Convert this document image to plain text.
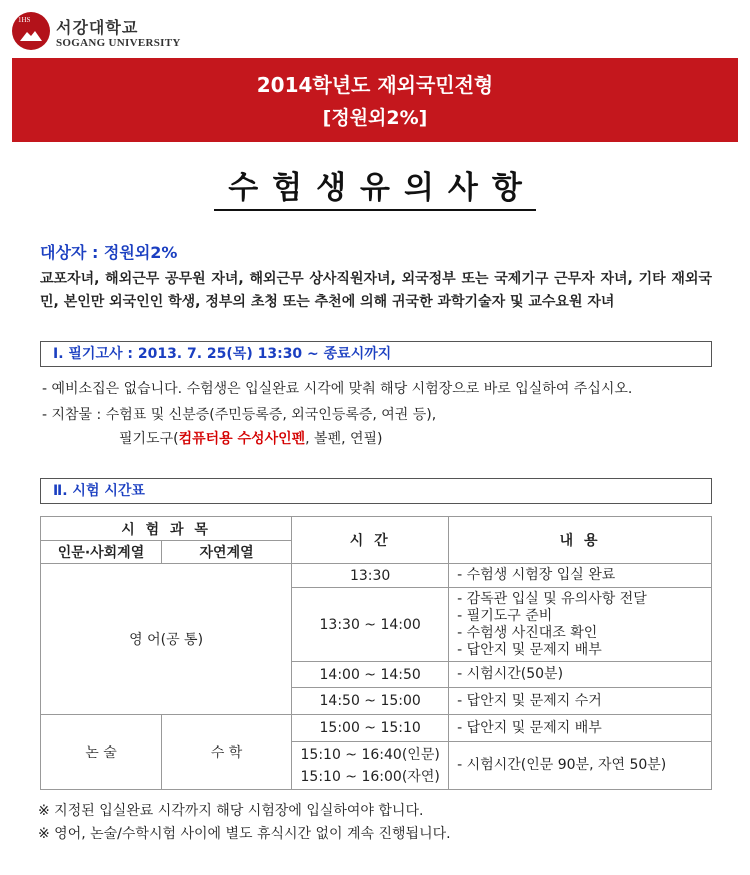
1HS 서강대학교
SOGANG UNIVERSITY
2014학년도 재외국민전형
[정원외2%]
수험생유의사항
대상자 : 정원외2%
교포자녀, 해외근무 공무원 자녀, 해외근무 상사직원자녀, 외국정부 또는 국제기구 근무자 자녀, 기타 재외국민, 본인만 외국인인 학생, 정부의 초청 또는 추천에 의해 귀국한 과학기술자 및 교수요원 자녀
Ⅰ. 필기고사 : 2013. 7. 25(목) 13:30 ~ 종료시까지
- 예비소집은 없습니다. 수험생은 입실완료 시각에 맞춰 해당 시험장으로 바로 입실하여 주십시오.
- 지참물 : 수험표 및 신분증(주민등록증, 외국인등록증, 여권 등),
필기도구(컴퓨터용 수성사인펜, 볼펜, 연필)
Ⅱ. 시험 시간표
시 험 과 목		시 간	내 용
인문·사회계열	자연계열		
영 어(공 통)		13:30	- 수험생 시험장 입실 완료
		13:30 ~ 14:00	- 감독관 입실 및 유의사항 전달
- 필기도구 준비
- 수험생 사진대조 확인
- 답안지 및 문제지 배부

		14:00 ~ 14:50	- 시험시간(50분)
		14:50 ~ 15:00	- 답안지 및 문제지 수거
논 술	수 학	15:00 ~ 15:10	- 답안지 및 문제지 배부

		15:10 ~ 16:40(인문)
15:10 ~ 16:00(자연)	- 시험시간(인문 90분, 자연 50분)
※ 지정된 입실완료 시각까지 해당 시험장에 입실하여야 합니다.
※ 영어, 논술/수학시험 사이에 별도 휴식시간 없이 계속 진행됩니다.
